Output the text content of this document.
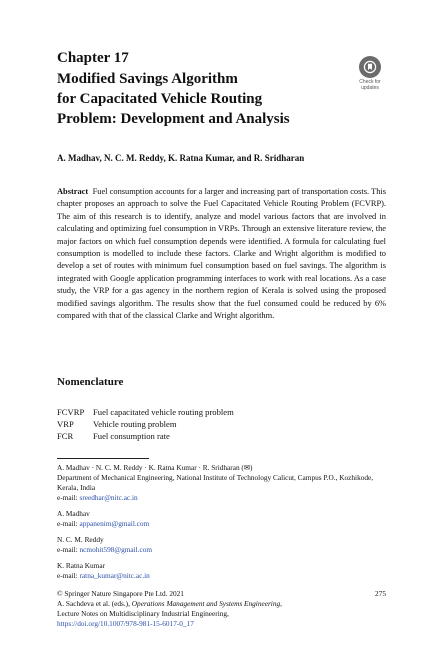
Chapter 17
Modified Savings Algorithm
for Capacitated Vehicle Routing
Problem: Development and Analysis
Check for
updates
A. Madhav, N. C. M. Reddy, K. Ratna Kumar, and R. Sridharan
Abstract Fuel consumption accounts for a larger and increasing part of transportation costs. This chapter proposes an approach to solve the Fuel Capacitated Vehicle Routing Problem (FCVRP). The aim of this research is to identify, analyze and model various factors that are involved in calculating and optimizing fuel consumption in VRPs. Through an extensive literature review, the major factors on which fuel consumption depends were identified. A formula for calculating fuel consumption is modelled to include these factors. Clarke and Wright algorithm is modified to develop a set of routes with minimum fuel consumption based on fuel savings. The algorithm is integrated with Google application programming interfaces to work with real locations. As a case study, the VRP for a gas agency in the northern region of Kerala is solved using the proposed modified savings algorithm. The results show that the fuel consumed could be reduced by 6% compared with that of the classical Clarke and Wright algorithm.
Nomenclature
FCVRP	Fuel capacitated vehicle routing problem
VRP	Vehicle routing problem
FCR	Fuel consumption rate
A. Madhav · N. C. M. Reddy · K. Ratna Kumar · R. Sridharan (✉)
Department of Mechanical Engineering, National Institute of Technology Calicut, Campus P.O., Kozhikode, Kerala, India
e-mail: sreedhar@nitc.ac.in
A. Madhav
e-mail: appanenim@gmail.com
N. C. M. Reddy
e-mail: ncmohit598@gmail.com
K. Ratna Kumar
e-mail: ratna_kumar@nitc.ac.in
© Springer Nature Singapore Pte Ltd. 2021
A. Sachdeva et al. (eds.), Operations Management and Systems Engineering,
Lecture Notes on Multidisciplinary Industrial Engineering,
https://doi.org/10.1007/978-981-15-6017-0_17
275
